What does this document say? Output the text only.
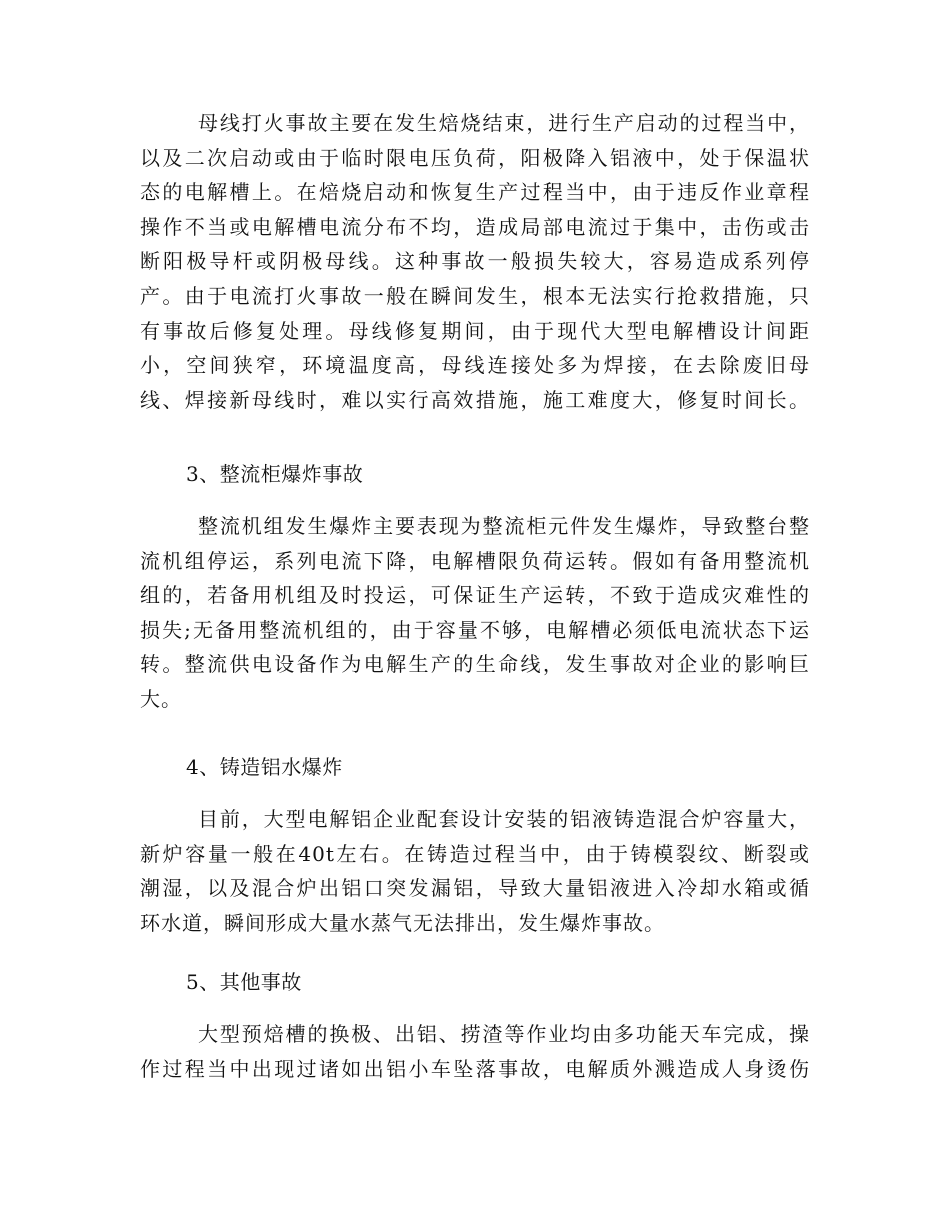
母线打火事故主要在发生焙烧结束，进行生产启动的过程当中，
以及二次启动或由于临时限电压负荷，阳极降入铝液中，处于保温状
态的电解槽上。在焙烧启动和恢复生产过程当中，由于违反作业章程
操作不当或电解槽电流分布不均，造成局部电流过于集中，击伤或击
断阳极导杆或阴极母线。这种事故一般损失较大，容易造成系列停
产。由于电流打火事故一般在瞬间发生，根本无法实行抢救措施，只
有事故后修复处理。母线修复期间，由于现代大型电解槽设计间距
小，空间狭窄，环境温度高，母线连接处多为焊接，在去除废旧母
线、焊接新母线时，难以实行高效措施，施工难度大，修复时间长。
3、整流柜爆炸事故
整流机组发生爆炸主要表现为整流柜元件发生爆炸，导致整台整
流机组停运，系列电流下降，电解槽限负荷运转。假如有备用整流机
组的，若备用机组及时投运，可保证生产运转，不致于造成灾难性的
损失;无备用整流机组的，由于容量不够，电解槽必须低电流状态下运
转。整流供电设备作为电解生产的生命线，发生事故对企业的影响巨
大。
4、铸造铝水爆炸
目前，大型电解铝企业配套设计安装的铝液铸造混合炉容量大，
新炉容量一般在40t左右。在铸造过程当中，由于铸模裂纹、断裂或
潮湿，以及混合炉出铝口突发漏铝，导致大量铝液进入冷却水箱或循
环水道，瞬间形成大量水蒸气无法排出，发生爆炸事故。
5、其他事故
大型预焙槽的换极、出铝、捞渣等作业均由多功能天车完成，操
作过程当中出现过诸如出铝小车坠落事故，电解质外溅造成人身烫伤
